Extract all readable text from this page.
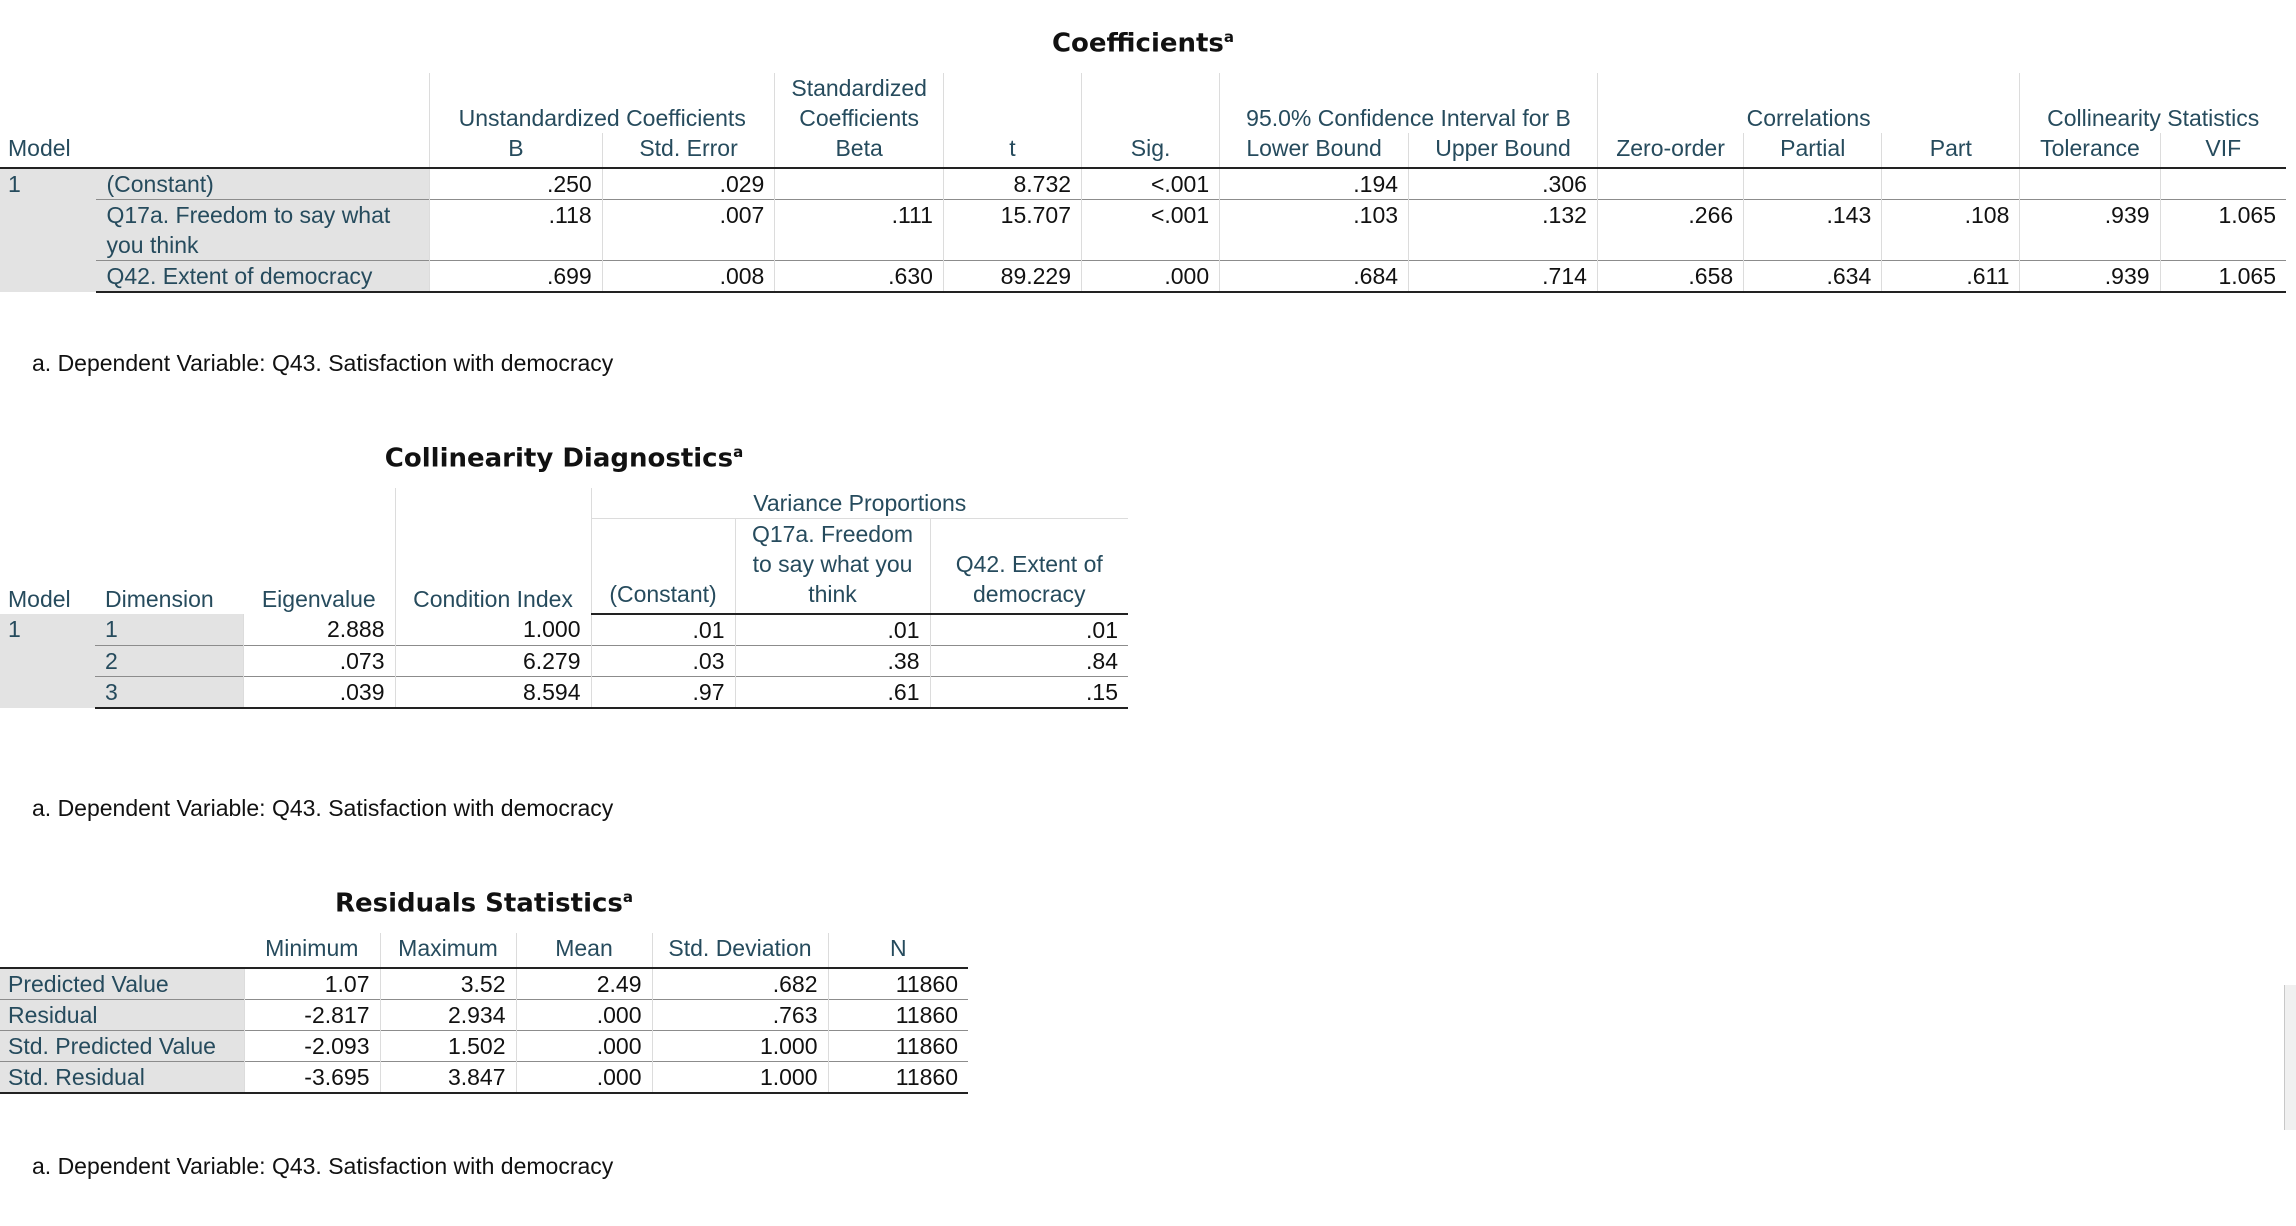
Coefficients$^a$
		Unstandardized Coefficients		Standardized Coefficients			95.0% Confidence Interval for B		Correlations			Collinearity Statistics	
Model		B	Std. Error	Beta	t	Sig.	Lower Bound	Upper Bound	Zero-order	Partial	Part	Tolerance	VIF
1	(Constant)	.250	.029		8.732	<.001	.194	.306					
	Q17a. Freedom to say what you think	.118	.007	.111	15.707	<.001	.103	.132	.266	.143	.108	.939	1.065
	Q42. Extent of democracy	.699	.008	.630	89.229	.000	.684	.714	.658	.634	.611	.939	1.065
a. Dependent Variable: Q43. Satisfaction with democracy
Collinearity Diagnostics$^a$
Model	Dimension	Eigenvalue	Condition Index	Variance Proportions		
				(Constant)	Q17a. Freedom to say what you think	Q42. Extent of democracy
1	1	2.888	1.000	.01	.01	.01
	2	.073	6.279	.03	.38	.84
	3	.039	8.594	.97	.61	.15
a. Dependent Variable: Q43. Satisfaction with democracy
Residuals Statistics$^a$
	Minimum	Maximum	Mean	Std. Deviation	N
Predicted Value	1.07	3.52	2.49	.682	11860
Residual	-2.817	2.934	.000	.763	11860
Std. Predicted Value	-2.093	1.502	.000	1.000	11860
Std. Residual	-3.695	3.847	.000	1.000	11860
a. Dependent Variable: Q43. Satisfaction with democracy
